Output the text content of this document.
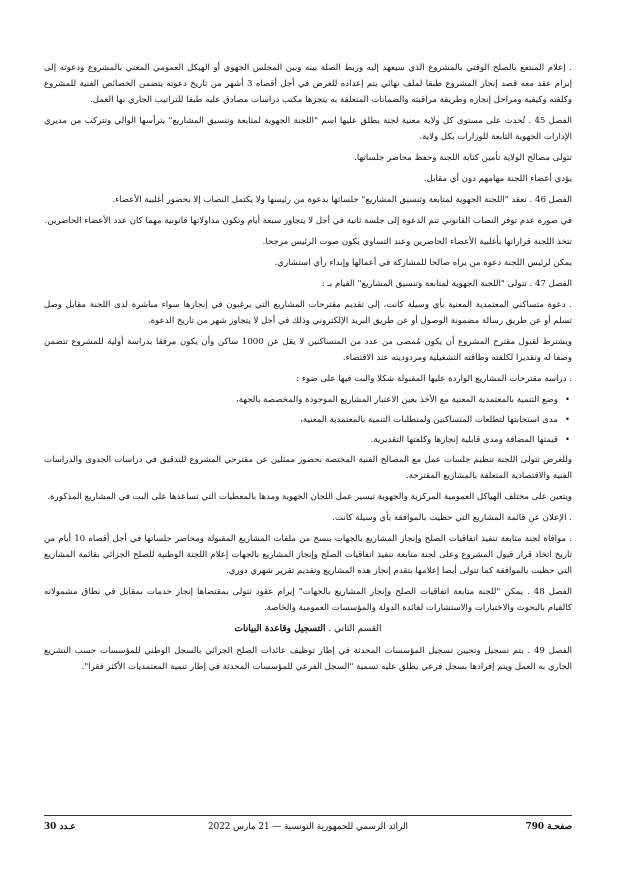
. إعلام المنتفع بالصلح الوقتي بالمشروع الذي سيعهد إليه وربط الصلة بينه وبين المجلس الجهوي أو الهيكل العمومي المعني بالمشروع ودعوته إلى إبرام عقد معه قصد إنجاز المشروع طبقا لملف نهائي يتم إعداده للغرض في أجل أقصاه 3 أشهر من تاريخ دعوته يتضمن الخصائص الفنية للمشروع وكلفته وكيفية ومراحل إنجازه وطريقة مراقبته والضمانات المتعلقة به يتجزها مكتب دراسات مصادق عليه طبقا للتراتيب الجاري بها العمل.

الفصل 45 . تُحدث على مستوى كل ولاية معنية لجنة يطلق عليها اسم "اللجنة الجهوية لمتابعة وتنسيق المشاريع" يترأسها الوالي وتتركب من مديري الإدارات الجهوية التابعة للوزارات بكل ولاية.

تتولى مصالح الولاية تأمين كتابة اللجنة وحفظ محاضر جلساتها.

يؤدي أعضاء اللجنة مهامهم دون أي مقابل.

الفصل 46 . تعقد "اللجنة الجهوية لمتابعة وتنسيق المشاريع" جلساتها بدعوة من رئيسها ولا يكتمل النصاب إلا بحضور أغلبية الأعضاء.

في صورة عدم توفر النصاب القانوني تتم الدعوة إلى جلسة ثانية في أجل لا يتجاوز سبعة أيام وتكون مداولاتها قانونية مهما كان عدد الأعضاء الحاضرين.

تتخذ اللجنة قراراتها بأغلبية الأعضاء الحاضرين وعند التساوي يكون صوت الرئيس مرجحا.

يمكن لرئيس اللجنة دعوة من يراه صالحا للمشاركة في أعمالها وإبداء رأي استشاري.

الفصل 47 . تتولى "اللجنة الجهوية لمتابعة وتنسيق المشاريع" القيام بـ :

. دعوة متساكني المعتمدية المعنية بأي وسيلة كانت، إلى تقديم مقترحات المشاريع التي يرغبون في إنجازها سواء مباشرة لدى اللجنة مقابل وصل تسلم أو عن طريق رسالة مضمونة الوصول أو عن طريق البريد الإلكتروني وذلك في أجل لا يتجاوز شهر من تاريخ الدعوة.

ويشترط لقبول مقترح المشروع أن يكون مُمضى من عدد من المتساكنين لا يقل عن 1000 ساكن وأن يكون مرفقا بدراسة أولية للمشروع تتضمن وصفا له وتقديرا لكلفته وطاقته التشغيلية ومردوديته عند الاقتضاء.

. دراسة مقترحات المشاريع الواردة عليها المقبولة شكلا والبت فيها على ضوء :

• وضع التنمية بالمعتمدية المعنية مع الأخذ بعين الاعتبار المشاريع الموجودة والمخصصة بالجهة،
• مدى استجابتها لتطلعات المتساكنين ولمتطلبات التنمية بالمعتمدية المعنية،
• قيمتها المضافة ومدى قابلية إنجازها وكلفتها التقديرية.

وللغرض تتولى اللجنة تنظيم جلسات عمل مع المصالح الفنية المختصة بحضور ممثلين عن مقترحي المشروع للتدقيق في دراسات الجدوى والدراسات الفنية والاقتصادية المتعلقة بالمشاريع المقترحة.

ويتعين على مختلف الهياكل العمومية المركزية والجهوية تيسير عمل اللجان الجهوية ومدها بالمعطيات التي تساعدها على البت في المشاريع المذكورة.

. الإعلان عن قائمة المشاريع التي حظيت بالموافقة بأي وسيلة كانت.

. موافاة لجنة متابعة تنفيذ اتفاقيات الصلح وإنجاز المشاريع بالجهات بنسخ من ملفات المشاريع المقبولة ومحاضر جلساتها في أجل أقصاه 10 أيام من تاريخ اتخاذ قرار قبول المشروع وعلى لجنة متابعة تنفيذ اتفاقيات الصلح وإنجاز المشاريع بالجهات إعلام اللجنة الوطنية للصلح الجزائي بقائمة المشاريع التي حظيت بالموافقة كما تتولى أيضا إعلامها بتقدم إنجاز هذه المشاريع وتقديم تقرير شهري دوري.

الفصل 48 . يمكن "للجنة متابعة اتفاقيات الصلح وإنجاز المشاريع بالجهات" إبرام عقود تتولى بمقتضاها إنجاز خدمات بمقابل في نطاق مشمولاته كالقيام بالبحوث والاختبارات والاستشارات لفائدة الدولة والمؤسسات العمومية والخاصة.

القسم الثاني . التسجيل وقاعدة البيانات

الفصل 49 . يتم تسجيل وتحيين تسجيل المؤسسات المحدثة في إطار توظيف عائدات الصلح الجزائي بالسجل الوطني للمؤسسات حسب التشريع الجاري به العمل ويتم إفرادها بسجل فرعي يطلق عليه تسمية "السجل الفرعي للمؤسسات المحدثة في إطار تنمية المعتمديات الأكثر فقرا".

صفحـة 790
الرائد الرسمي للجمهورية التونسية — 21 مارس 2022
عـدد 30
